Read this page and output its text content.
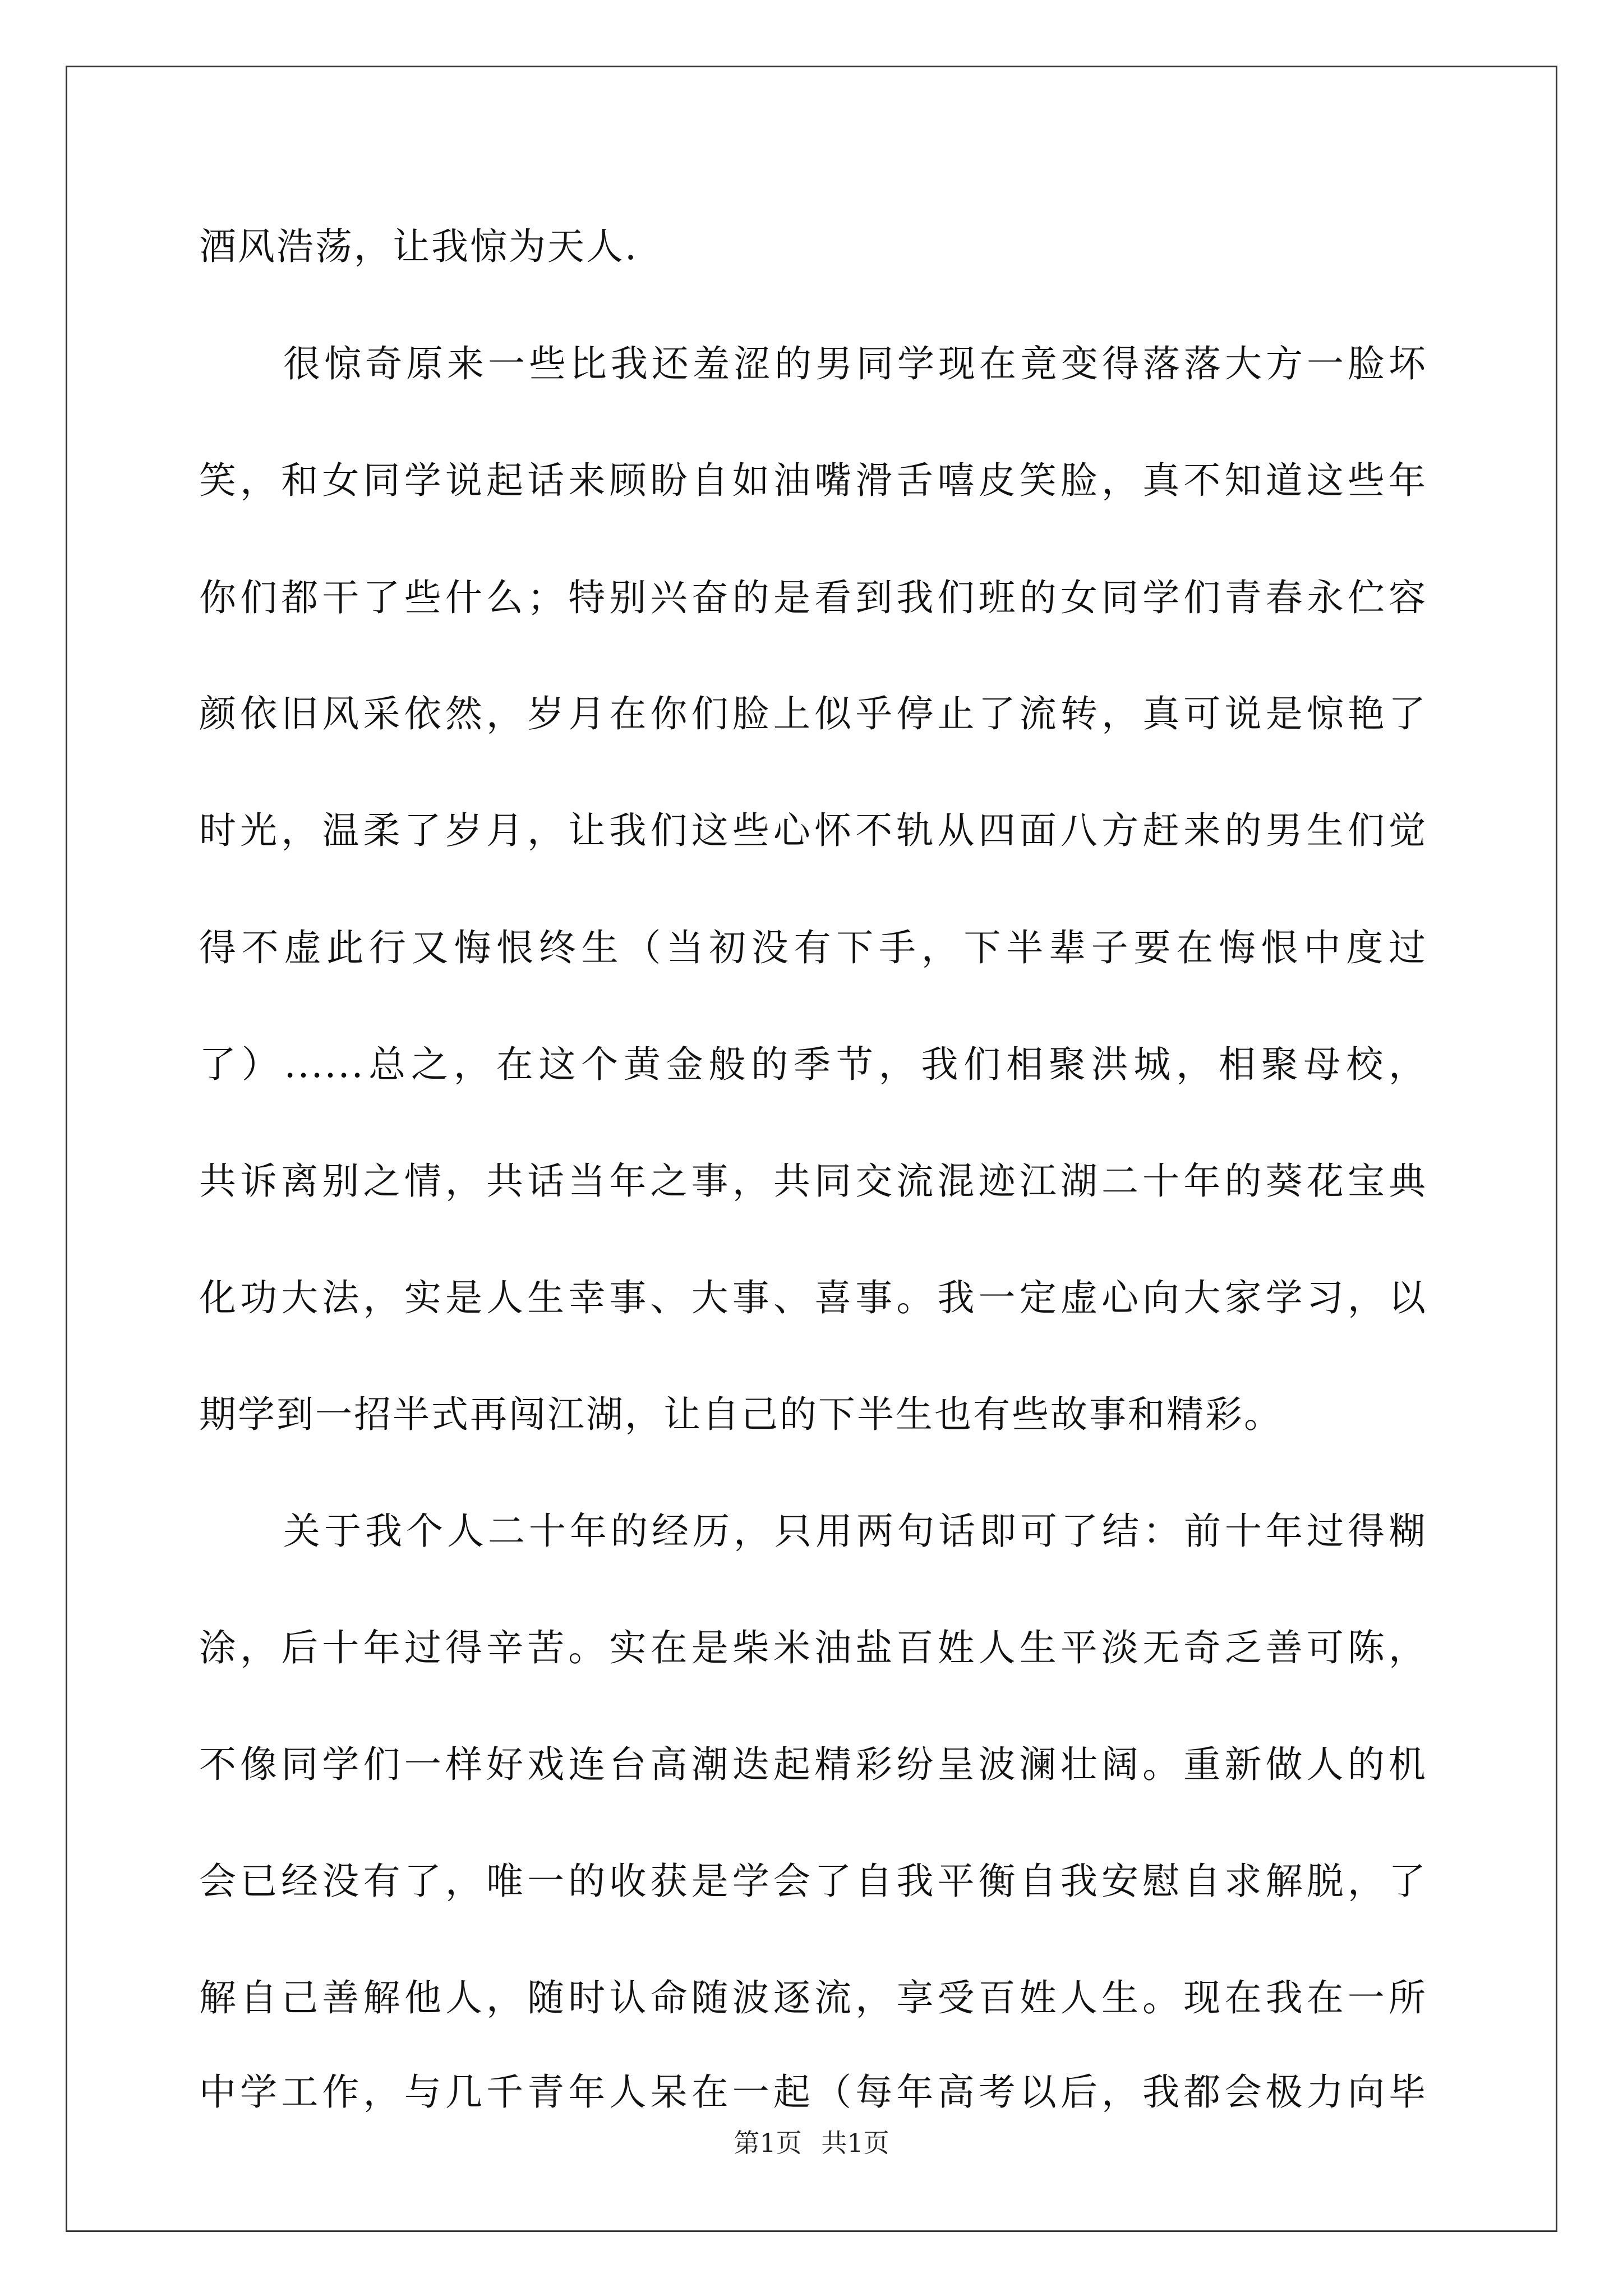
酒风浩荡，让我惊为天人.
很惊奇原来一些比我还羞涩的男同学现在竟变得落落大方一脸坏
笑，和女同学说起话来顾盼自如油嘴滑舌嘻皮笑脸，真不知道这些年
你们都干了些什么；特别兴奋的是看到我们班的女同学们青春永伫容
颜依旧风采依然，岁月在你们脸上似乎停止了流转，真可说是惊艳了
时光，温柔了岁月，让我们这些心怀不轨从四面八方赶来的男生们觉
得不虚此行又悔恨终生（当初没有下手，下半辈子要在悔恨中度过
了）......总之，在这个黄金般的季节，我们相聚洪城，相聚母校，
共诉离别之情，共话当年之事，共同交流混迹江湖二十年的葵花宝典
化功大法，实是人生幸事、大事、喜事。我一定虚心向大家学习，以
期学到一招半式再闯江湖，让自己的下半生也有些故事和精彩。
关于我个人二十年的经历，只用两句话即可了结：前十年过得糊
涂，后十年过得辛苦。实在是柴米油盐百姓人生平淡无奇乏善可陈，
不像同学们一样好戏连台高潮迭起精彩纷呈波澜壮阔。重新做人的机
会已经没有了，唯一的收获是学会了自我平衡自我安慰自求解脱，了
解自己善解他人，随时认命随波逐流，享受百姓人生。现在我在一所
中学工作，与几千青年人呆在一起（每年高考以后，我都会极力向毕
第1页 共1页
